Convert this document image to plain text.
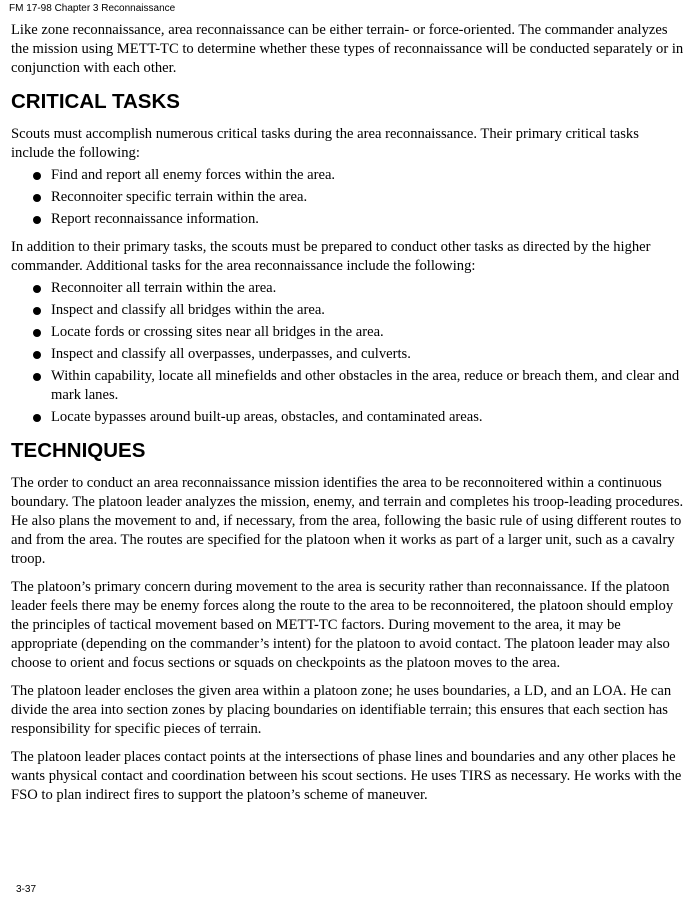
FM 17-98 Chapter 3 Reconnaissance

Like zone reconnaissance, area reconnaissance can be either terrain- or force-oriented. The commander analyzes the mission using METT-TC to determine whether these types of reconnaissance will be conducted separately or in conjunction with each other.

CRITICAL TASKS

Scouts must accomplish numerous critical tasks during the area reconnaissance. Their primary critical tasks include the following:

Find and report all enemy forces within the area.
Reconnoiter specific terrain within the area.
Report reconnaissance information.

In addition to their primary tasks, the scouts must be prepared to conduct other tasks as directed by the higher commander. Additional tasks for the area reconnaissance include the following:

Reconnoiter all terrain within the area.
Inspect and classify all bridges within the area.
Locate fords or crossing sites near all bridges in the area.
Inspect and classify all overpasses, underpasses, and culverts.
Within capability, locate all minefields and other obstacles in the area, reduce or breach them, and clear and mark lanes.
Locate bypasses around built-up areas, obstacles, and contaminated areas.
TECHNIQUES

The order to conduct an area reconnaissance mission identifies the area to be reconnoitered within a continuous boundary. The platoon leader analyzes the mission, enemy, and terrain and completes his troop-leading procedures. He also plans the movement to and, if necessary, from the area, following the basic rule of using different routes to and from the area. The routes are specified for the platoon when it works as part of a larger unit, such as a cavalry troop.

The platoon’s primary concern during movement to the area is security rather than reconnaissance. If the platoon leader feels there may be enemy forces along the route to the area to be reconnoitered, the platoon should employ the principles of tactical movement based on METT-TC factors. During movement to the area, it may be appropriate (depending on the commander’s intent) for the platoon to avoid contact. The platoon leader may also choose to orient and focus sections or squads on checkpoints as the platoon moves to the area.

The platoon leader encloses the given area within a platoon zone; he uses boundaries, a LD, and an LOA. He can divide the area into section zones by placing boundaries on identifiable terrain; this ensures that each section has responsibility for specific pieces of terrain.

The platoon leader places contact points at the intersections of phase lines and boundaries and any other places he wants physical contact and coordination between his scout sections. He uses TIRS as necessary. He works with the FSO to plan indirect fires to support the platoon’s scheme of maneuver.

3-37
